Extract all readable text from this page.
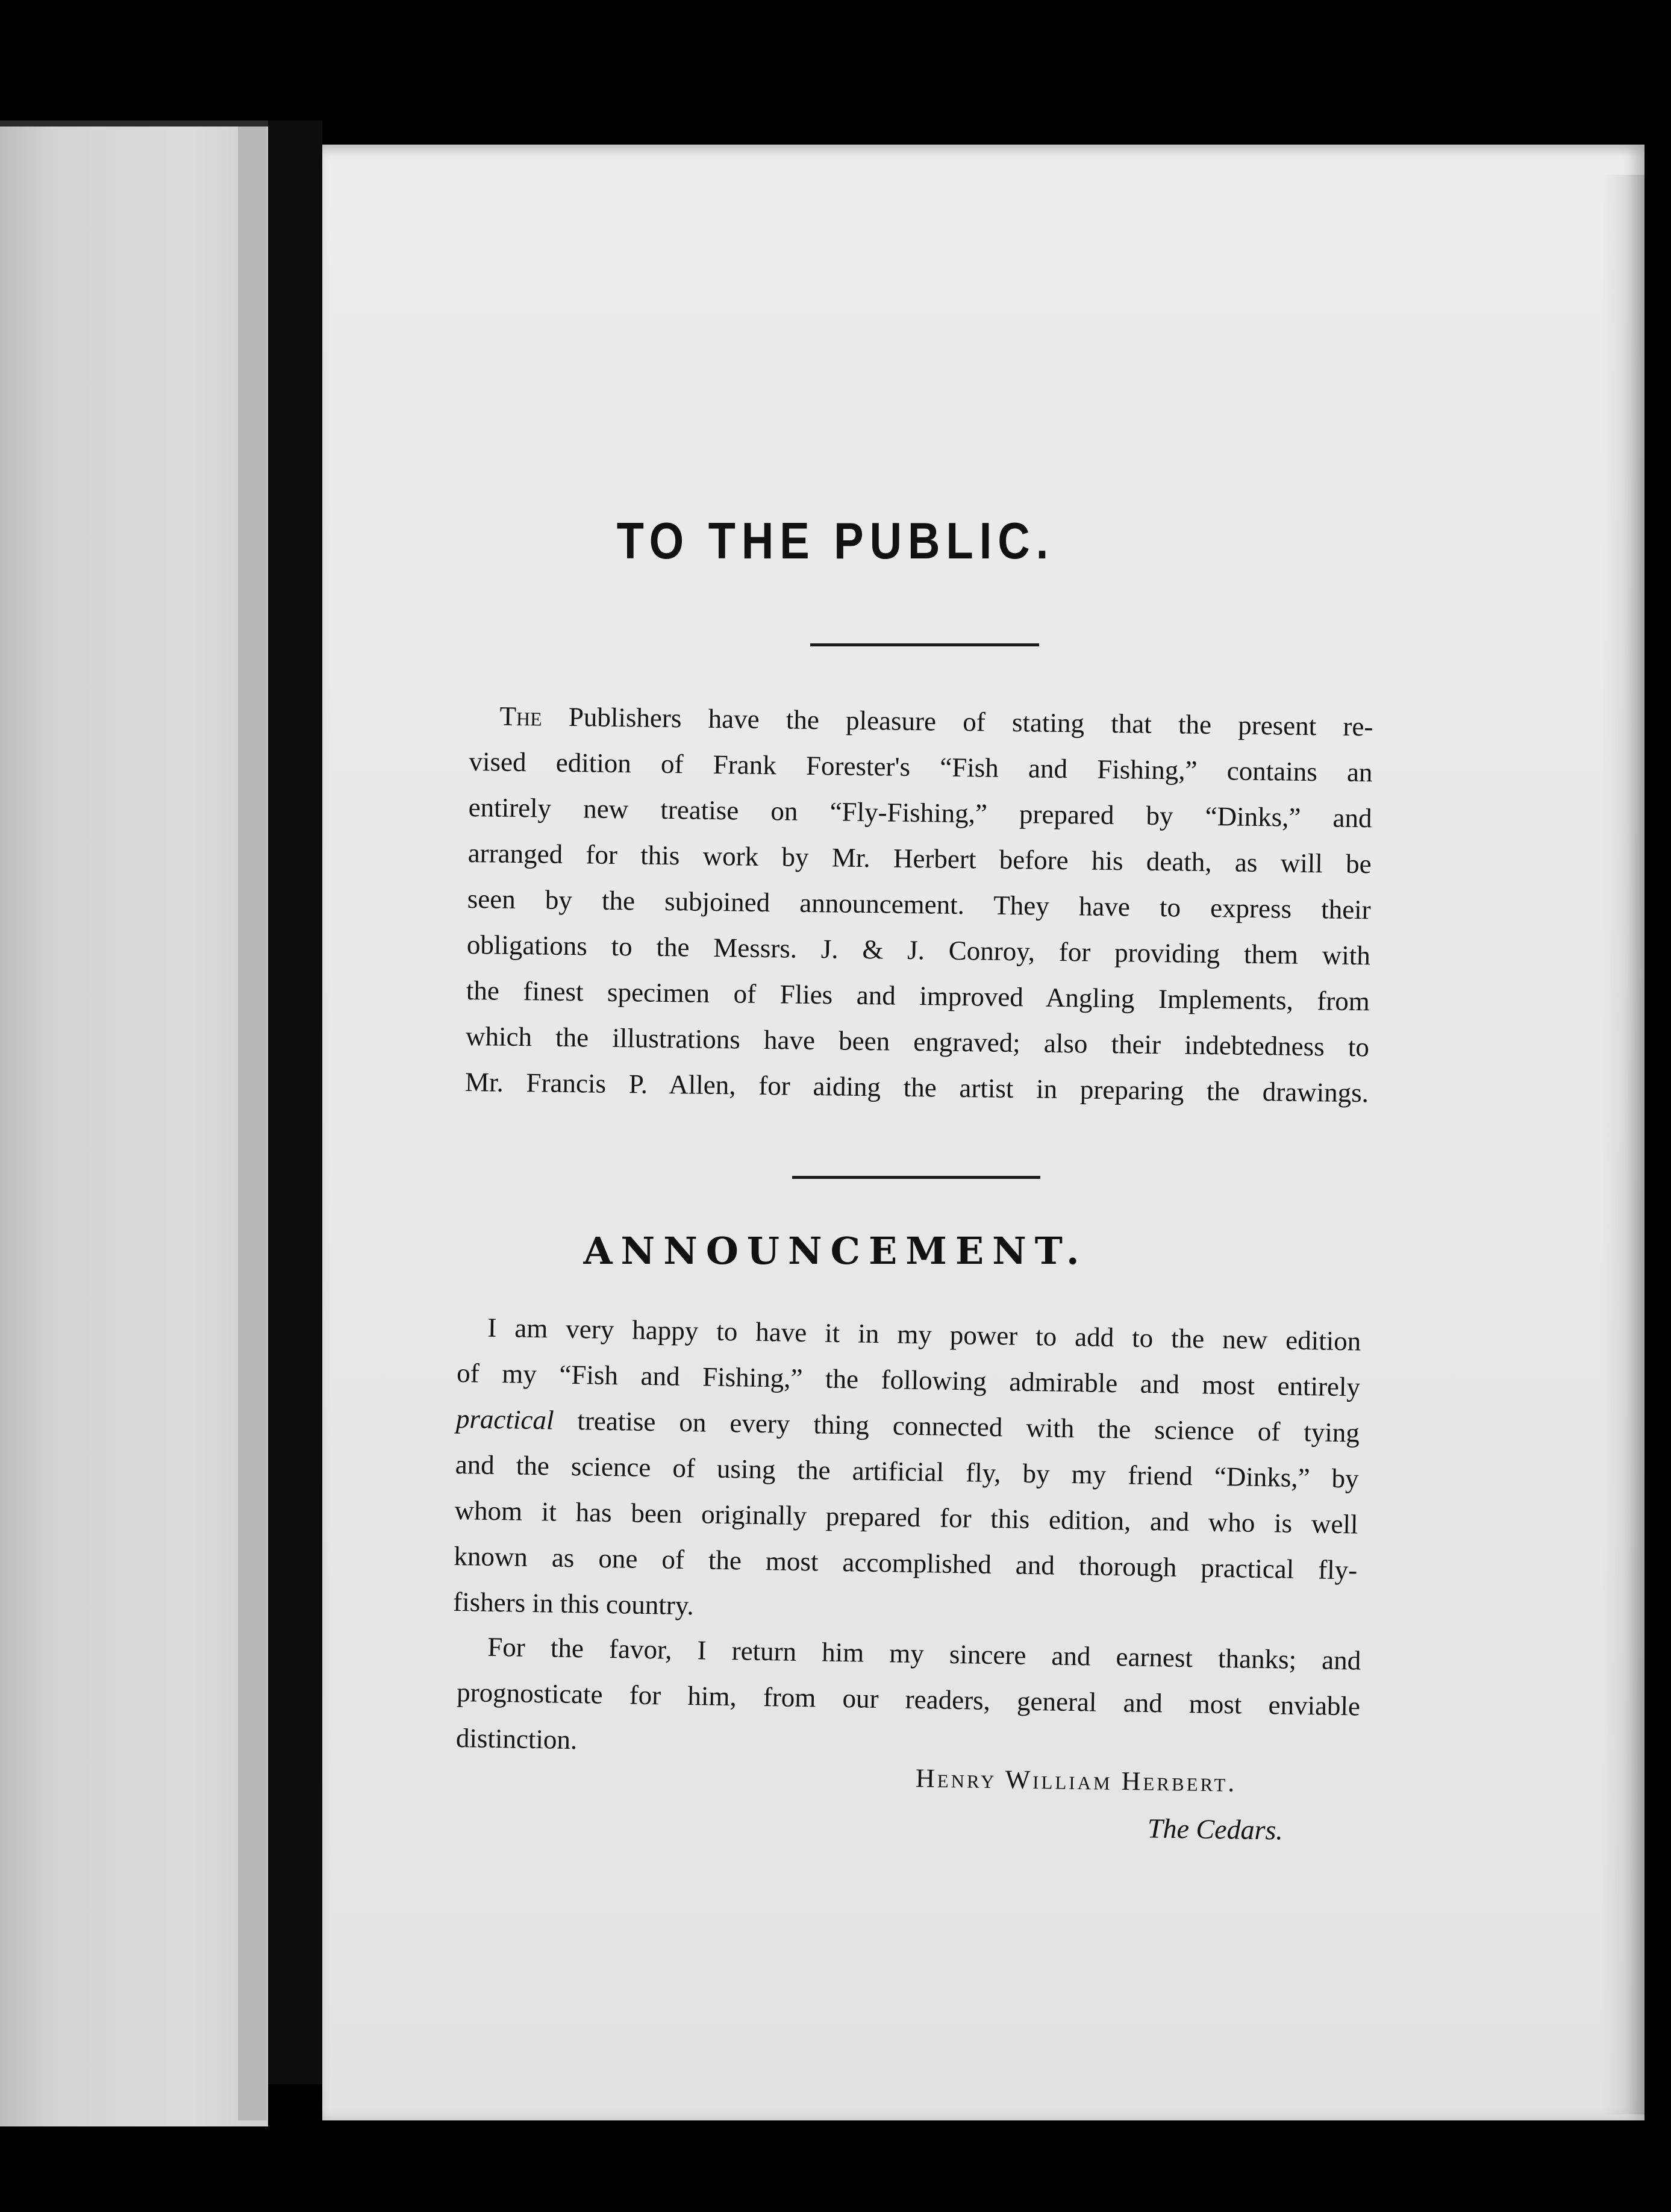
TO THE PUBLIC.
The Publishers have the pleasure of stating that the present re-
vised edition of Frank Forester's “Fish and Fishing,” contains an
entirely new treatise on “Fly-Fishing,” prepared by “Dinks,” and
arranged for this work by Mr. Herbert before his death, as will be
seen by the subjoined announcement. They have to express their
obligations to the Messrs. J. & J. Conroy, for providing them with
the finest specimen of Flies and improved Angling Implements, from
which the illustrations have been engraved; also their indebtedness to
Mr. Francis P. Allen, for aiding the artist in preparing the drawings.
ANNOUNCEMENT.
I am very happy to have it in my power to add to the new edition
of my “Fish and Fishing,” the following admirable and most entirely
practical treatise on every thing connected with the science of tying
and the science of using the artificial fly, by my friend “Dinks,” by
whom it has been originally prepared for this edition, and who is well
known as one of the most accomplished and thorough practical fly-
fishers in this country.
For the favor, I return him my sincere and earnest thanks; and
prognosticate for him, from our readers, general and most enviable
distinction.
Henry William Herbert.
The Cedars.
